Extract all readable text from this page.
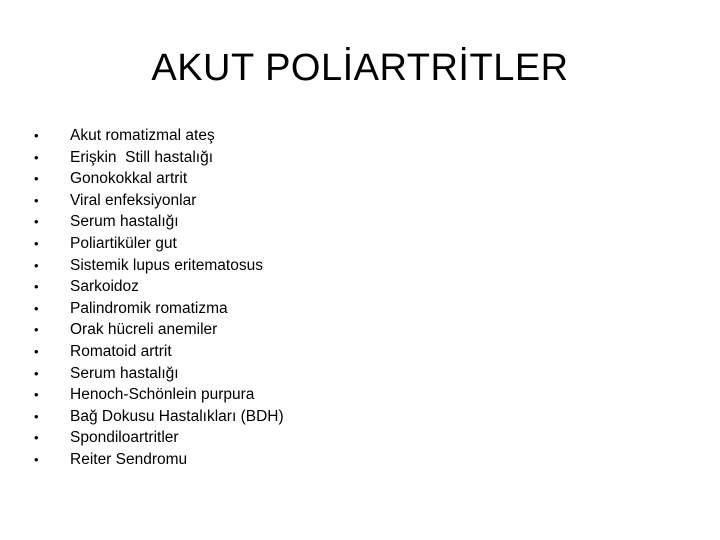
AKUT POLİARTRİTLER
•	Akut romatizmal ateş
•	Erişkin  Still hastalığı
•	Gonokokkal artrit
•	Viral enfeksiyonlar
•	Serum hastalığı
•	Poliartiküler gut
•	Sistemik lupus eritematosus
•	Sarkoidoz
•	Palindromik romatizma
•	Orak hücreli anemiler
•	Romatoid artrit
•	Serum hastalığı
•	Henoch-Schönlein purpura
•	Bağ Dokusu Hastalıkları (BDH)
•	Spondiloartritler
•	Reiter Sendromu
